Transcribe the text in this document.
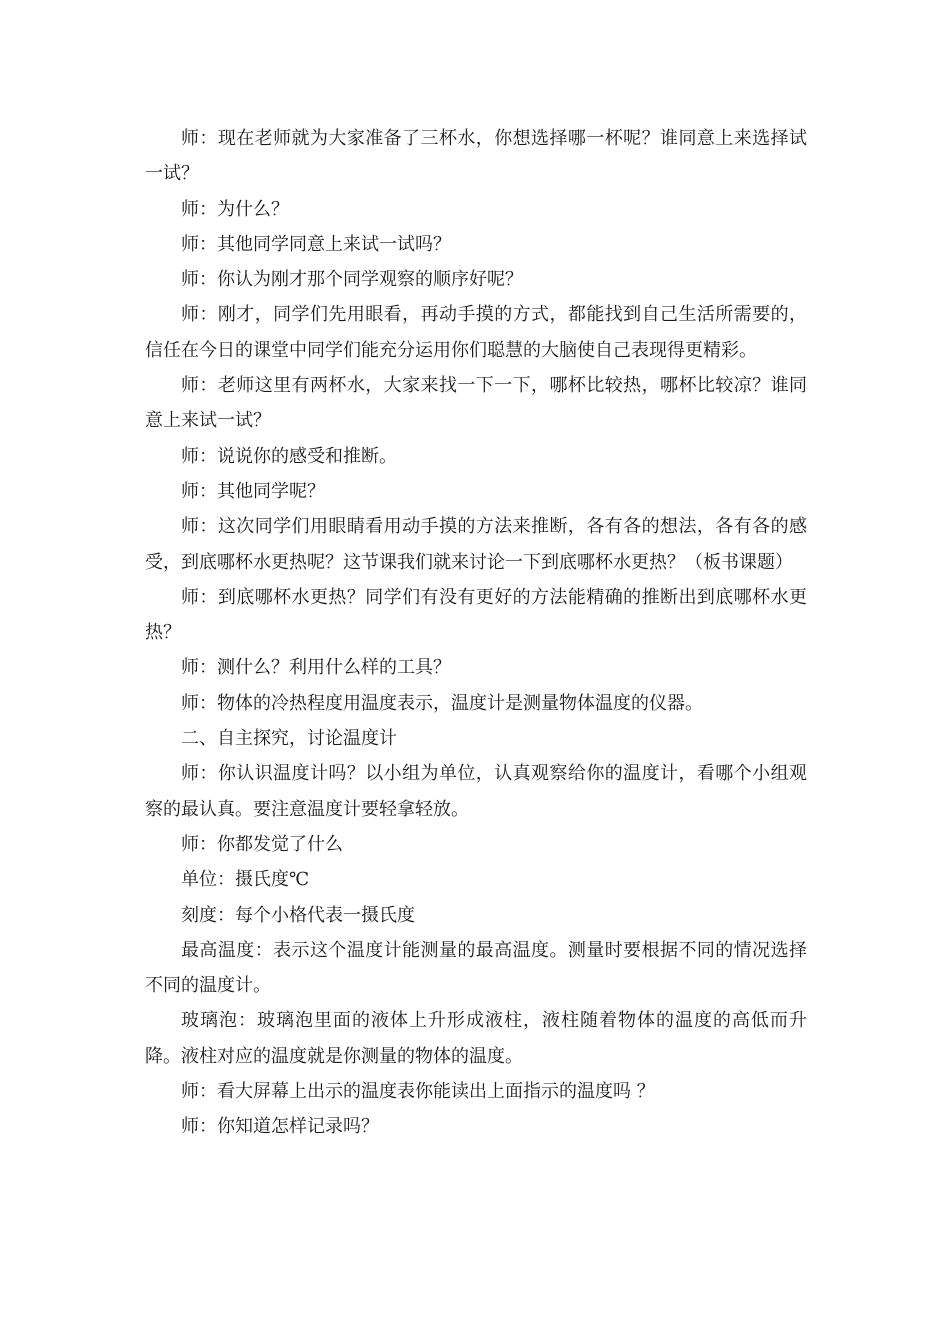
师：现在老师就为大家准备了三杯水，你想选择哪一杯呢？谁同意上来选择试一试？

师：为什么？

师：其他同学同意上来试一试吗？

师：你认为刚才那个同学观察的顺序好呢？

师：刚才，同学们先用眼看，再动手摸的方式，都能找到自己生活所需要的，信任在今日的课堂中同学们能充分运用你们聪慧的大脑使自己表现得更精彩。

师：老师这里有两杯水，大家来找一下一下，哪杯比较热，哪杯比较凉？谁同意上来试一试？

师：说说你的感受和推断。

师：其他同学呢？

师：这次同学们用眼睛看用动手摸的方法来推断，各有各的想法，各有各的感受，到底哪杯水更热呢？这节课我们就来讨论一下到底哪杯水更热？（板书课题）

师：到底哪杯水更热？同学们有没有更好的方法能精确的推断出到底哪杯水更热？

师：测什么？利用什么样的工具？

师：物体的冷热程度用温度表示，温度计是测量物体温度的仪器。

二、自主探究，讨论温度计

师：你认识温度计吗？以小组为单位，认真观察给你的温度计，看哪个小组观察的最认真。要注意温度计要轻拿轻放。

师：你都发觉了什么

单位：摄氏度℃

刻度：每个小格代表一摄氏度

最高温度：表示这个温度计能测量的最高温度。测量时要根据不同的情况选择不同的温度计。

玻璃泡：玻璃泡里面的液体上升形成液柱，液柱随着物体的温度的高低而升降。液柱对应的温度就是你测量的物体的温度。

师：看大屏幕上出示的温度表你能读出上面指示的温度吗 ？

师：你知道怎样记录吗？
